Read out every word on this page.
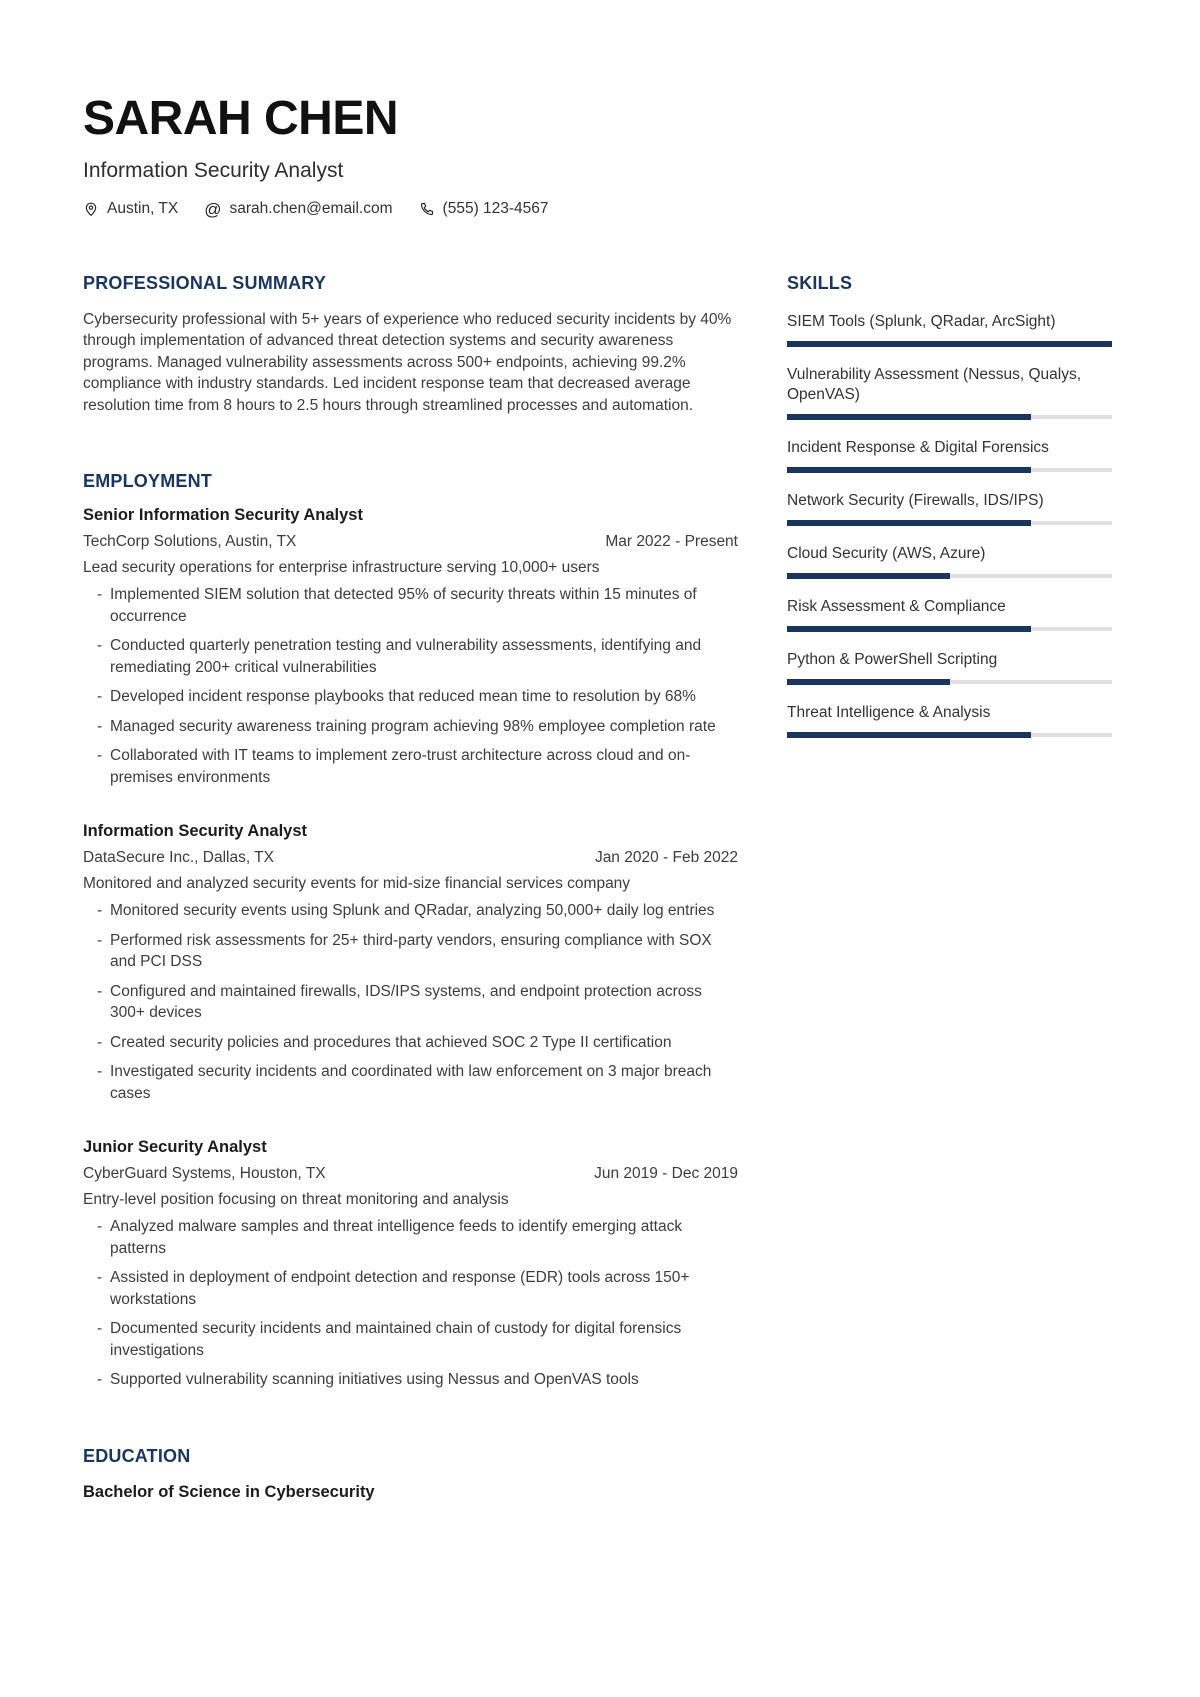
SARAH CHEN
Information Security Analyst
Austin, TX @ sarah.chen@email.com	(555) 123-4567
PROFESSIONAL SUMMARY

Cybersecurity professional with 5+ years of experience who reduced security incidents by 40% through implementation of advanced threat detection systems and security awareness programs. Managed vulnerability assessments across 500+ endpoints, achieving 99.2% compliance with industry standards. Led incident response team that decreased average resolution time from 8 hours to 2.5 hours through streamlined processes and automation.

EMPLOYMENT
Senior Information Security Analyst
TechCorp Solutions, Austin, TX	Mar 2022 - Present
Lead security operations for enterprise infrastructure serving 10,000+ users
- Implemented SIEM solution that detected 95% of security threats within 15 minutes of occurrence
- Conducted quarterly penetration testing and vulnerability assessments, identifying and remediating 200+ critical vulnerabilities
- Developed incident response playbooks that reduced mean time to resolution by 68%
- Managed security awareness training program achieving 98% employee completion rate
- Collaborated with IT teams to implement zero-trust architecture across cloud and on-premises environments
Information Security Analyst
DataSecure Inc., Dallas, TX	Jan 2020 - Feb 2022
Monitored and analyzed security events for mid-size financial services company
- Monitored security events using Splunk and QRadar, analyzing 50,000+ daily log entries
- Performed risk assessments for 25+ third-party vendors, ensuring compliance with SOX and PCI DSS
- Configured and maintained firewalls, IDS/IPS systems, and endpoint protection across 300+ devices
- Created security policies and procedures that achieved SOC 2 Type II certification
- Investigated security incidents and coordinated with law enforcement on 3 major breach cases
Junior Security Analyst
CyberGuard Systems, Houston, TX	Jun 2019 - Dec 2019
Entry-level position focusing on threat monitoring and analysis
- Analyzed malware samples and threat intelligence feeds to identify emerging attack patterns
- Assisted in deployment of endpoint detection and response (EDR) tools across 150+ workstations
- Documented security incidents and maintained chain of custody for digital forensics investigations
- Supported vulnerability scanning initiatives using Nessus and OpenVAS tools
EDUCATION
Bachelor of Science in Cybersecurity
SKILLS
SIEM Tools (Splunk, QRadar, ArcSight)
Vulnerability Assessment (Nessus, Qualys, OpenVAS)
Incident Response & Digital Forensics
Network Security (Firewalls, IDS/IPS)
Cloud Security (AWS, Azure)
Risk Assessment & Compliance
Python & PowerShell Scripting
Threat Intelligence & Analysis
